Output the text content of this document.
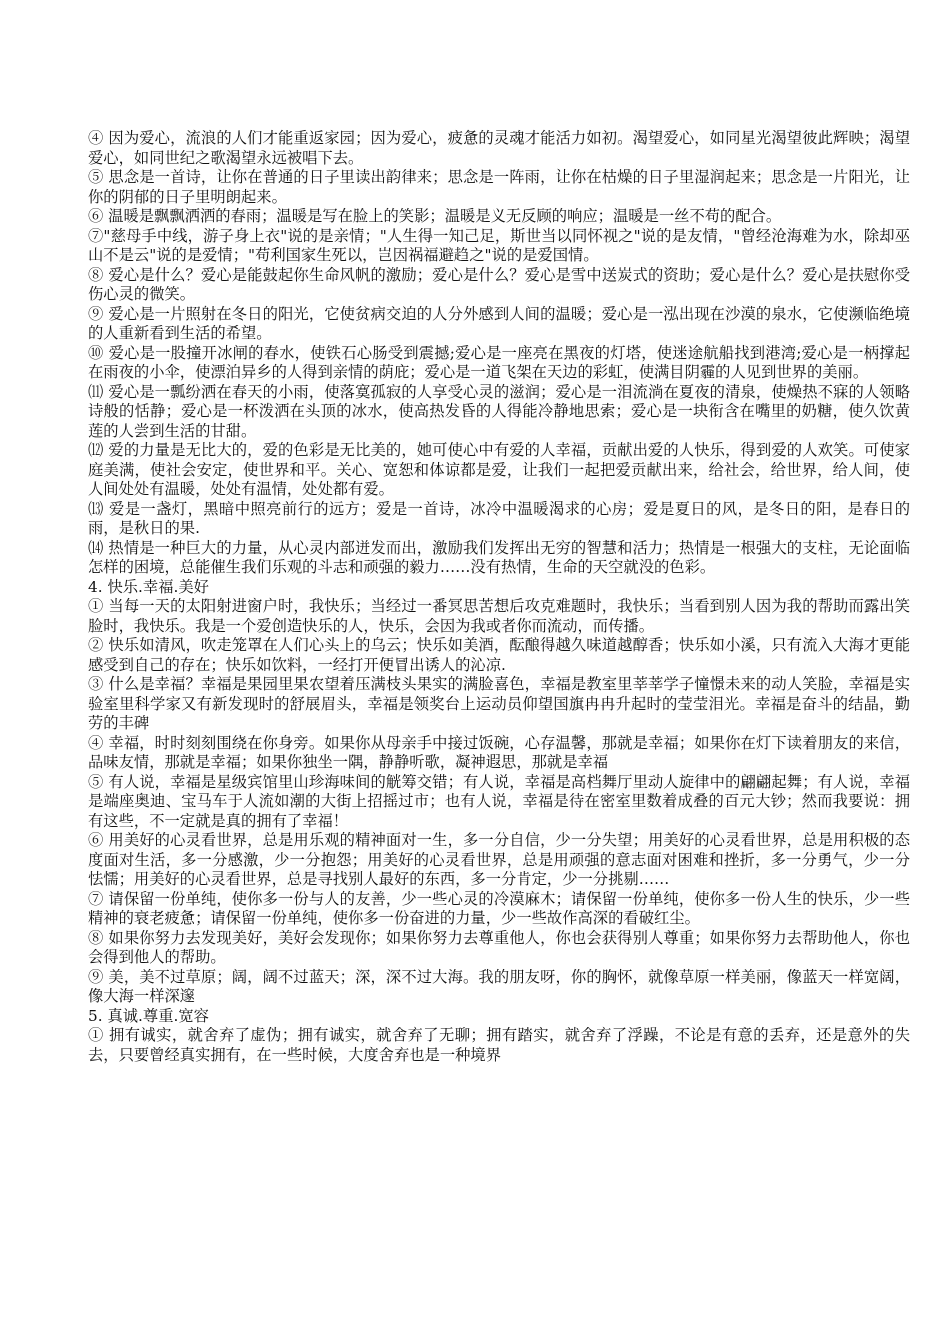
④ 因为爱心，流浪的人们才能重返家园；因为爱心，疲惫的灵魂才能活力如初。渴望爱心，如同星光渴望彼此辉映；渴望爱心，如同世纪之歌渴望永远被唱下去。

⑤ 思念是一首诗，让你在普通的日子里读出韵律来；思念是一阵雨，让你在枯燥的日子里湿润起来；思念是一片阳光，让你的阴郁的日子里明朗起来。

⑥ 温暖是飘飘洒洒的春雨；温暖是写在脸上的笑影；温暖是义无反顾的响应；温暖是一丝不苟的配合。

⑦"慈母手中线，游子身上衣"说的是亲情；"人生得一知己足，斯世当以同怀视之"说的是友情，"曾经沧海难为水，除却巫山不是云"说的是爱情；"苟利国家生死以，岂因祸福避趋之"说的是爱国情。

⑧ 爱心是什么？爱心是能鼓起你生命风帆的激励；爱心是什么？爱心是雪中送炭式的资助；爱心是什么？爱心是扶慰你受伤心灵的微笑。

⑨ 爱心是一片照射在冬日的阳光，它使贫病交迫的人分外感到人间的温暖；爱心是一泓出现在沙漠的泉水，它使濒临绝境的人重新看到生活的希望。

⑩ 爱心是一股撞开冰闸的春水，使铁石心肠受到震撼;爱心是一座亮在黑夜的灯塔，使迷途航船找到港湾;爱心是一柄撑起在雨夜的小伞，使漂泊异乡的人得到亲情的荫庇；爱心是一道飞架在天边的彩虹，使满目阴霾的人见到世界的美丽。

⑾ 爱心是一瓢纷洒在春天的小雨，使落寞孤寂的人享受心灵的滋润；爱心是一泪流淌在夏夜的清泉，使燥热不寐的人领略诗般的恬静；爱心是一杯泼洒在头顶的冰水，使高热发昏的人得能冷静地思索；爱心是一块衔含在嘴里的奶糖，使久饮黄莲的人尝到生活的甘甜。

⑿ 爱的力量是无比大的，爱的色彩是无比美的，她可使心中有爱的人幸福，贡献出爱的人快乐，得到爱的人欢笑。可使家庭美满，使社会安定，使世界和平。关心、宽恕和体谅都是爱，让我们一起把爱贡献出来，给社会，给世界，给人间，使人间处处有温暖，处处有温情，处处都有爱。

⒀ 爱是一盏灯，黑暗中照亮前行的远方；爱是一首诗，冰冷中温暖渴求的心房；爱是夏日的风，是冬日的阳，是春日的雨，是秋日的果.

⒁ 热情是一种巨大的力量，从心灵内部迸发而出，激励我们发挥出无穷的智慧和活力；热情是一根强大的支柱，无论面临怎样的困境，总能催生我们乐观的斗志和顽强的毅力……没有热情，生命的天空就没的色彩。

4. 快乐.幸福.美好

① 当每一天的太阳射进窗户时，我快乐；当经过一番冥思苦想后攻克难题时，我快乐；当看到别人因为我的帮助而露出笑脸时，我快乐。我是一个爱创造快乐的人，快乐，会因为我或者你而流动，而传播。

② 快乐如清风，吹走笼罩在人们心头上的乌云；快乐如美酒，酝酿得越久味道越醇香；快乐如小溪，只有流入大海才更能感受到自己的存在；快乐如饮料，一经打开便冒出诱人的沁凉.

③ 什么是幸福？幸福是果园里果农望着压满枝头果实的满脸喜色，幸福是教室里莘莘学子憧憬未来的动人笑脸，幸福是实验室里科学家又有新发现时的舒展眉头，幸福是领奖台上运动员仰望国旗冉冉升起时的莹莹泪光。幸福是奋斗的结晶，勤劳的丰碑

④ 幸福，时时刻刻围绕在你身旁。如果你从母亲手中接过饭碗，心存温馨，那就是幸福；如果你在灯下读着朋友的来信，品味友情，那就是幸福；如果你独坐一隅，静静听歌，凝神遐思，那就是幸福

⑤ 有人说，幸福是星级宾馆里山珍海味间的觥筹交错；有人说，幸福是高档舞厅里动人旋律中的翩翩起舞；有人说，幸福是端座奥迪、宝马车于人流如潮的大街上招摇过市；也有人说，幸福是待在密室里数着成叠的百元大钞；然而我要说：拥有这些，不一定就是真的拥有了幸福！

⑥ 用美好的心灵看世界，总是用乐观的精神面对一生，多一分自信，少一分失望；用美好的心灵看世界，总是用积极的态度面对生活，多一分感激，少一分抱怨；用美好的心灵看世界，总是用顽强的意志面对困难和挫折，多一分勇气，少一分怯懦；用美好的心灵看世界，总是寻找别人最好的东西，多一分肯定，少一分挑剔……

⑦ 请保留一份单纯，使你多一份与人的友善，少一些心灵的冷漠麻木；请保留一份单纯，使你多一份人生的快乐，少一些精神的衰老疲惫；请保留一份单纯，使你多一份奋进的力量，少一些故作高深的看破红尘。

⑧ 如果你努力去发现美好，美好会发现你；如果你努力去尊重他人，你也会获得别人尊重；如果你努力去帮助他人，你也会得到他人的帮助。

⑨ 美，美不过草原；阔，阔不过蓝天；深，深不过大海。我的朋友呀，你的胸怀，就像草原一样美丽，像蓝天一样宽阔，像大海一样深邃

5. 真诚.尊重.宽容

① 拥有诚实，就舍弃了虚伪；拥有诚实，就舍弃了无聊；拥有踏实，就舍弃了浮躁，不论是有意的丢弃，还是意外的失去，只要曾经真实拥有，在一些时候，大度舍弃也是一种境界
